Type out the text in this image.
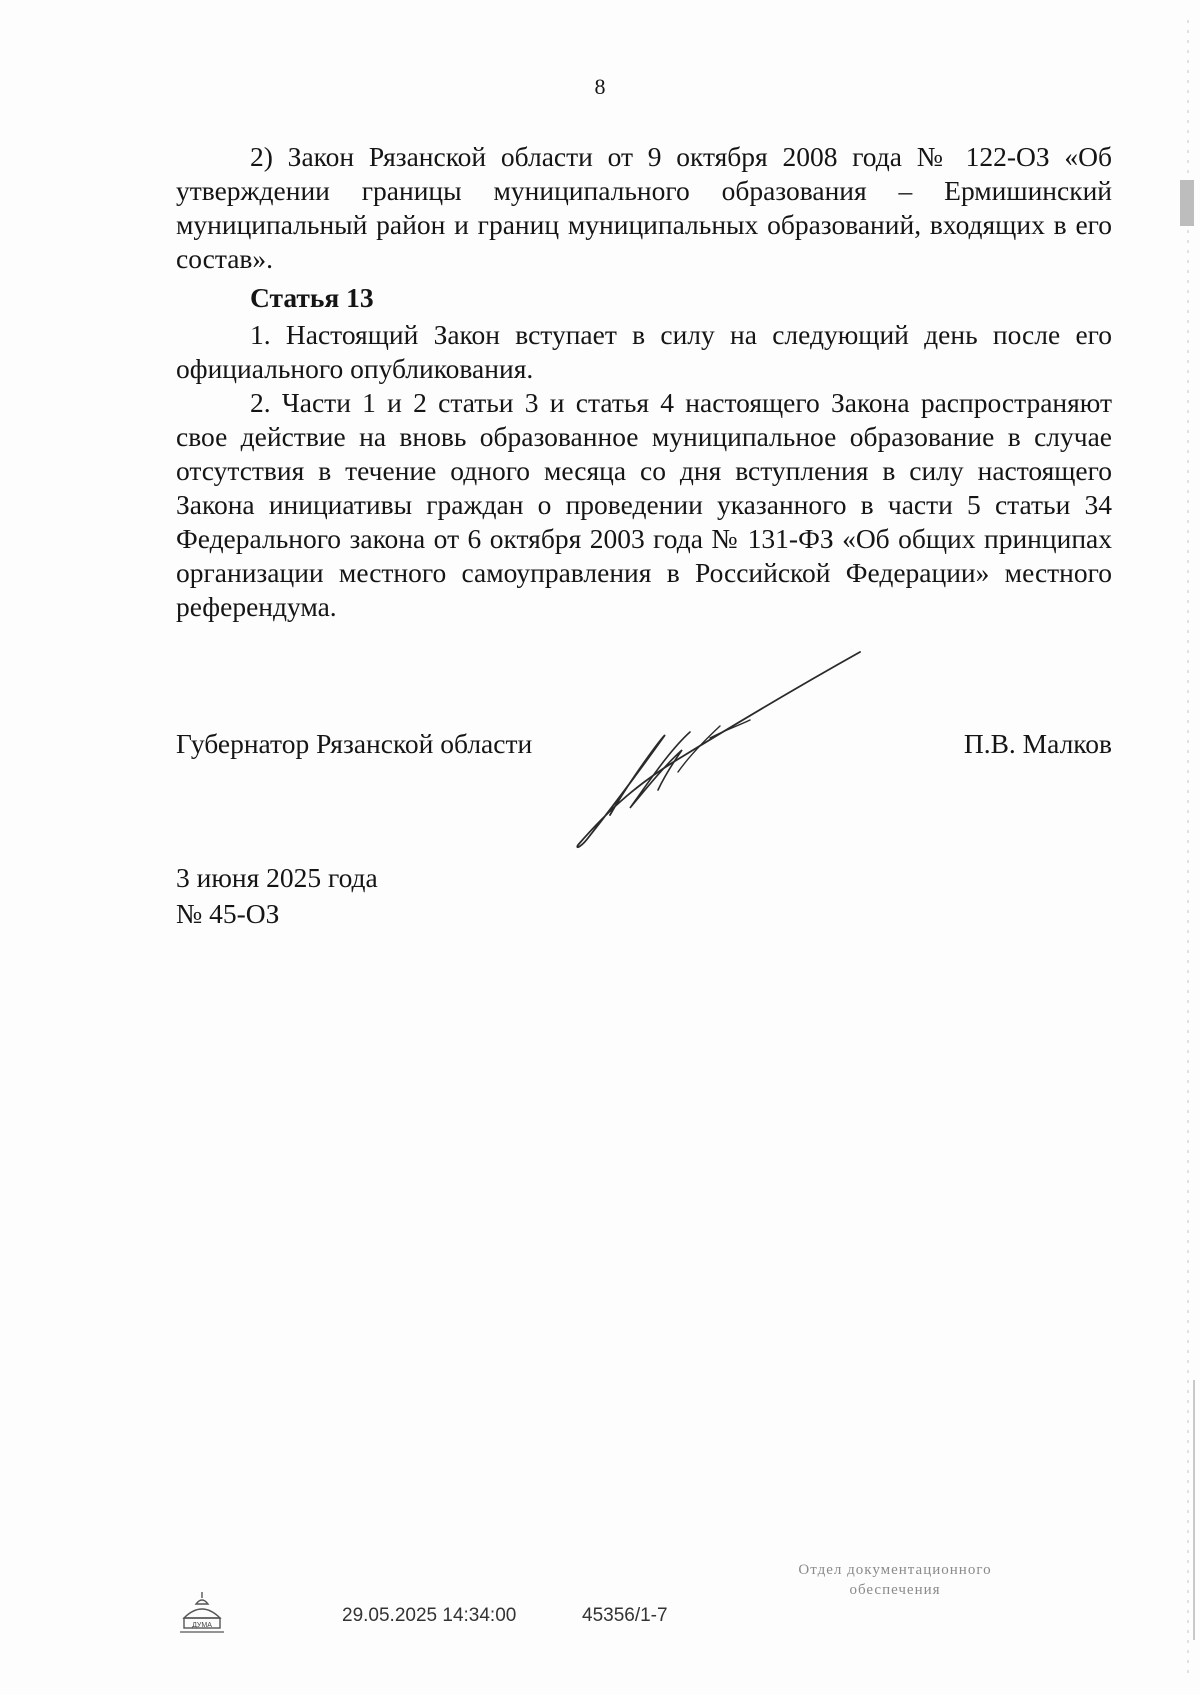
8

2) Закон Рязанской области от 9 октября 2008 года № 122-ОЗ «Об утверждении границы муниципального образования – Ермишинский муниципальный район и границ муниципальных образований, входящих в его состав».

Статья 13

1. Настоящий Закон вступает в силу на следующий день после его официального опубликования.

2. Части 1 и 2 статьи 3 и статья 4 настоящего Закона распространяют свое действие на вновь образованное муниципальное образование в случае отсутствия в течение одного месяца со дня вступления в силу настоящего Закона инициативы граждан о проведении указанного в части 5 статьи 34 Федерального закона от 6 октября 2003 года № 131-ФЗ «Об общих принципах организации местного самоуправления в Российской Федерации» местного референдума.

Губернатор Рязанской области	П.В. Малков
3 июня 2025 года
№ 45-ОЗ
ДУМА	29.05.2025 14:34:00	45356/1-7
Отдел документационного
обеспечения
